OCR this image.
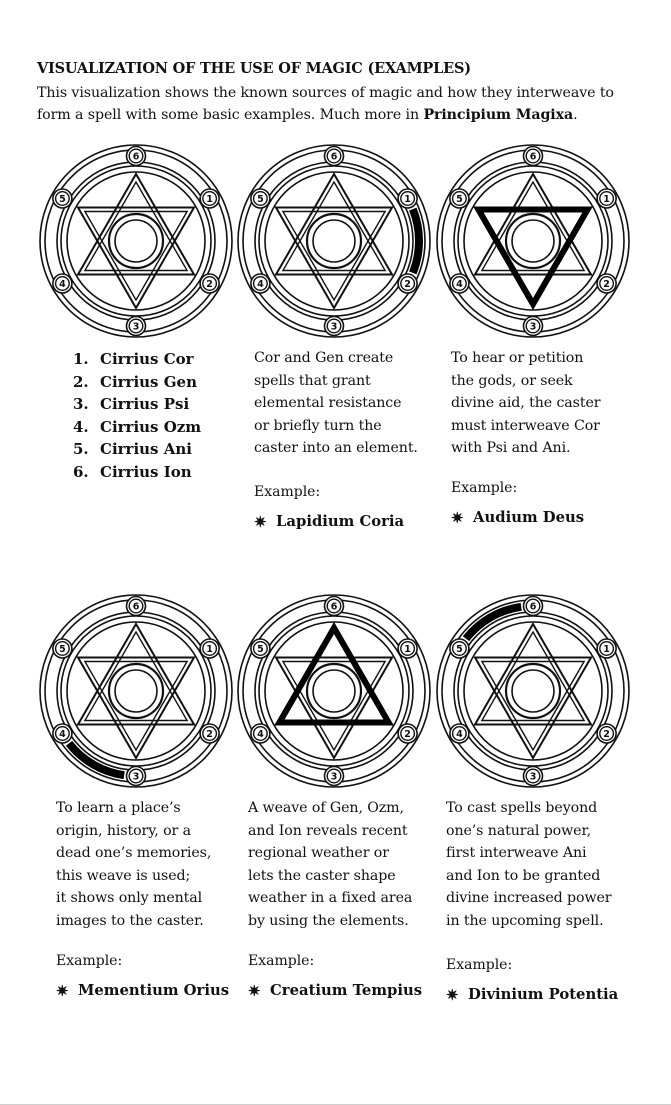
VISUALIZATION OF THE USE OF MAGIC (EXAMPLES)

This visualization shows the known sources of magic and how they interweave to form a spell with some basic examples. Much more in Principium Magixa.

1
2
3
4
5
6
1
2
3
4
5
6
1
2
3
4
5
6
1
2
3
4
5
6
1
2
3
4
5
6
1
2
3
4
5
6
1. Cirrius Cor
2. Cirrius Gen
3. Cirrius Psi
4. Cirrius Ozm
5. Cirrius Ani
6. Cirrius Ion

Cor and Gen create

spells that grant

elemental resistance

or briefly turn the

caster into an element.

Example:
✷ Lapidium Coria

To hear or petition

the gods, or seek

divine aid, the caster

must interweave Cor

with Psi and Ani.

Example:
✷ Audium Deus

To learn a place’s

origin, history, or a

dead one’s memories,

this weave is used;

it shows only mental

images to the caster.

Example:
✷ Mementium Orius

A weave of Gen, Ozm,

and Ion reveals recent

regional weather or

lets the caster shape

weather in a fixed area

by using the elements.

Example:
✷ Creatium Tempius

To cast spells beyond

one’s natural power,

first interweave Ani

and Ion to be granted

divine increased power

in the upcoming spell.

Example:
✷ Divinium Potentia
